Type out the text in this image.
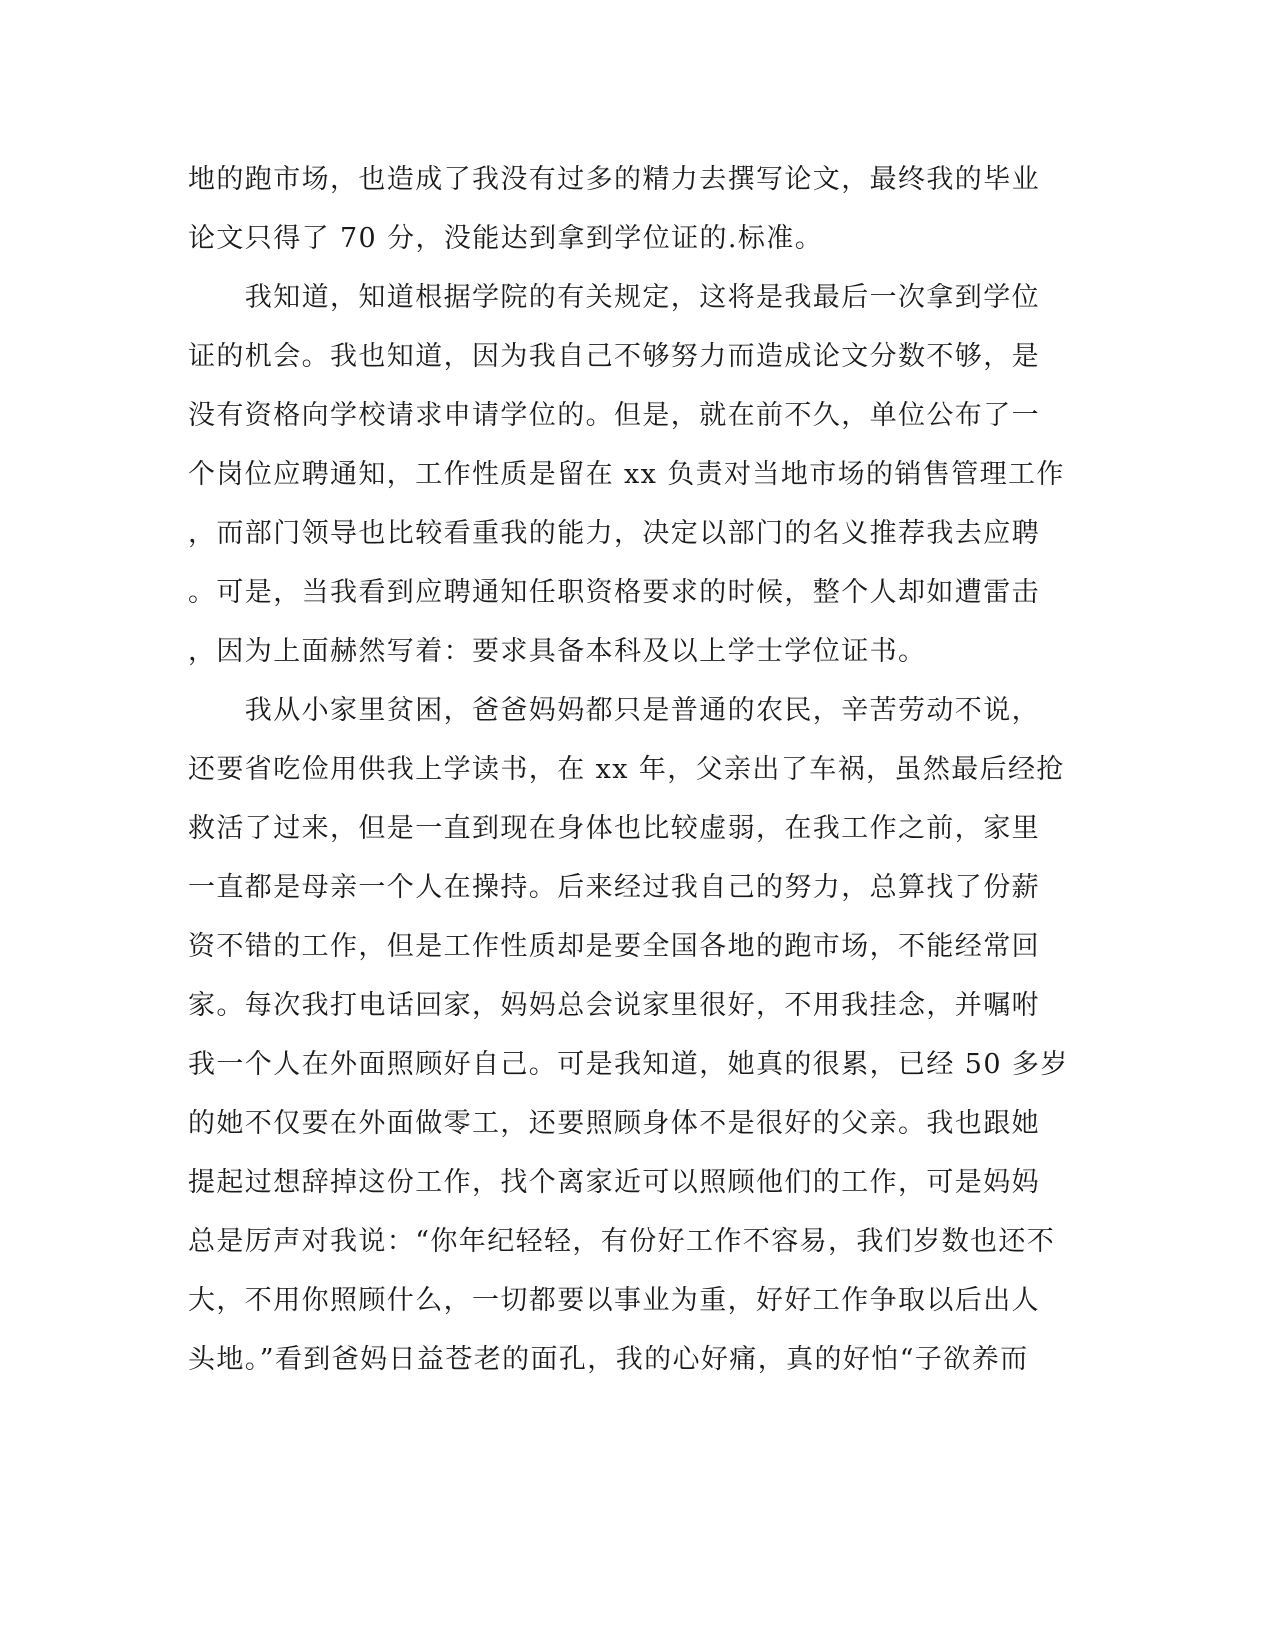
地的跑市场，也造成了我没有过多的精力去撰写论文，最终我的毕业
论文只得了 70 分，没能达到拿到学位证的.标准。
　　我知道，知道根据学院的有关规定，这将是我最后一次拿到学位
证的机会。我也知道，因为我自己不够努力而造成论文分数不够，是
没有资格向学校请求申请学位的。但是，就在前不久，单位公布了一
个岗位应聘通知，工作性质是留在 xx 负责对当地市场的销售管理工作
，而部门领导也比较看重我的能力，决定以部门的名义推荐我去应聘
。可是，当我看到应聘通知任职资格要求的时候，整个人却如遭雷击
，因为上面赫然写着：要求具备本科及以上学士学位证书。
　　我从小家里贫困，爸爸妈妈都只是普通的农民，辛苦劳动不说，
还要省吃俭用供我上学读书，在 xx 年，父亲出了车祸，虽然最后经抢
救活了过来，但是一直到现在身体也比较虚弱，在我工作之前，家里
一直都是母亲一个人在操持。后来经过我自己的努力，总算找了份薪
资不错的工作，但是工作性质却是要全国各地的跑市场，不能经常回
家。每次我打电话回家，妈妈总会说家里很好，不用我挂念，并嘱咐
我一个人在外面照顾好自己。可是我知道，她真的很累，已经 50 多岁
的她不仅要在外面做零工，还要照顾身体不是很好的父亲。我也跟她
提起过想辞掉这份工作，找个离家近可以照顾他们的工作，可是妈妈
总是厉声对我说：“你年纪轻轻，有份好工作不容易，我们岁数也还不
大，不用你照顾什么，一切都要以事业为重，好好工作争取以后出人
头地。”看到爸妈日益苍老的面孔，我的心好痛，真的好怕“子欲养而
